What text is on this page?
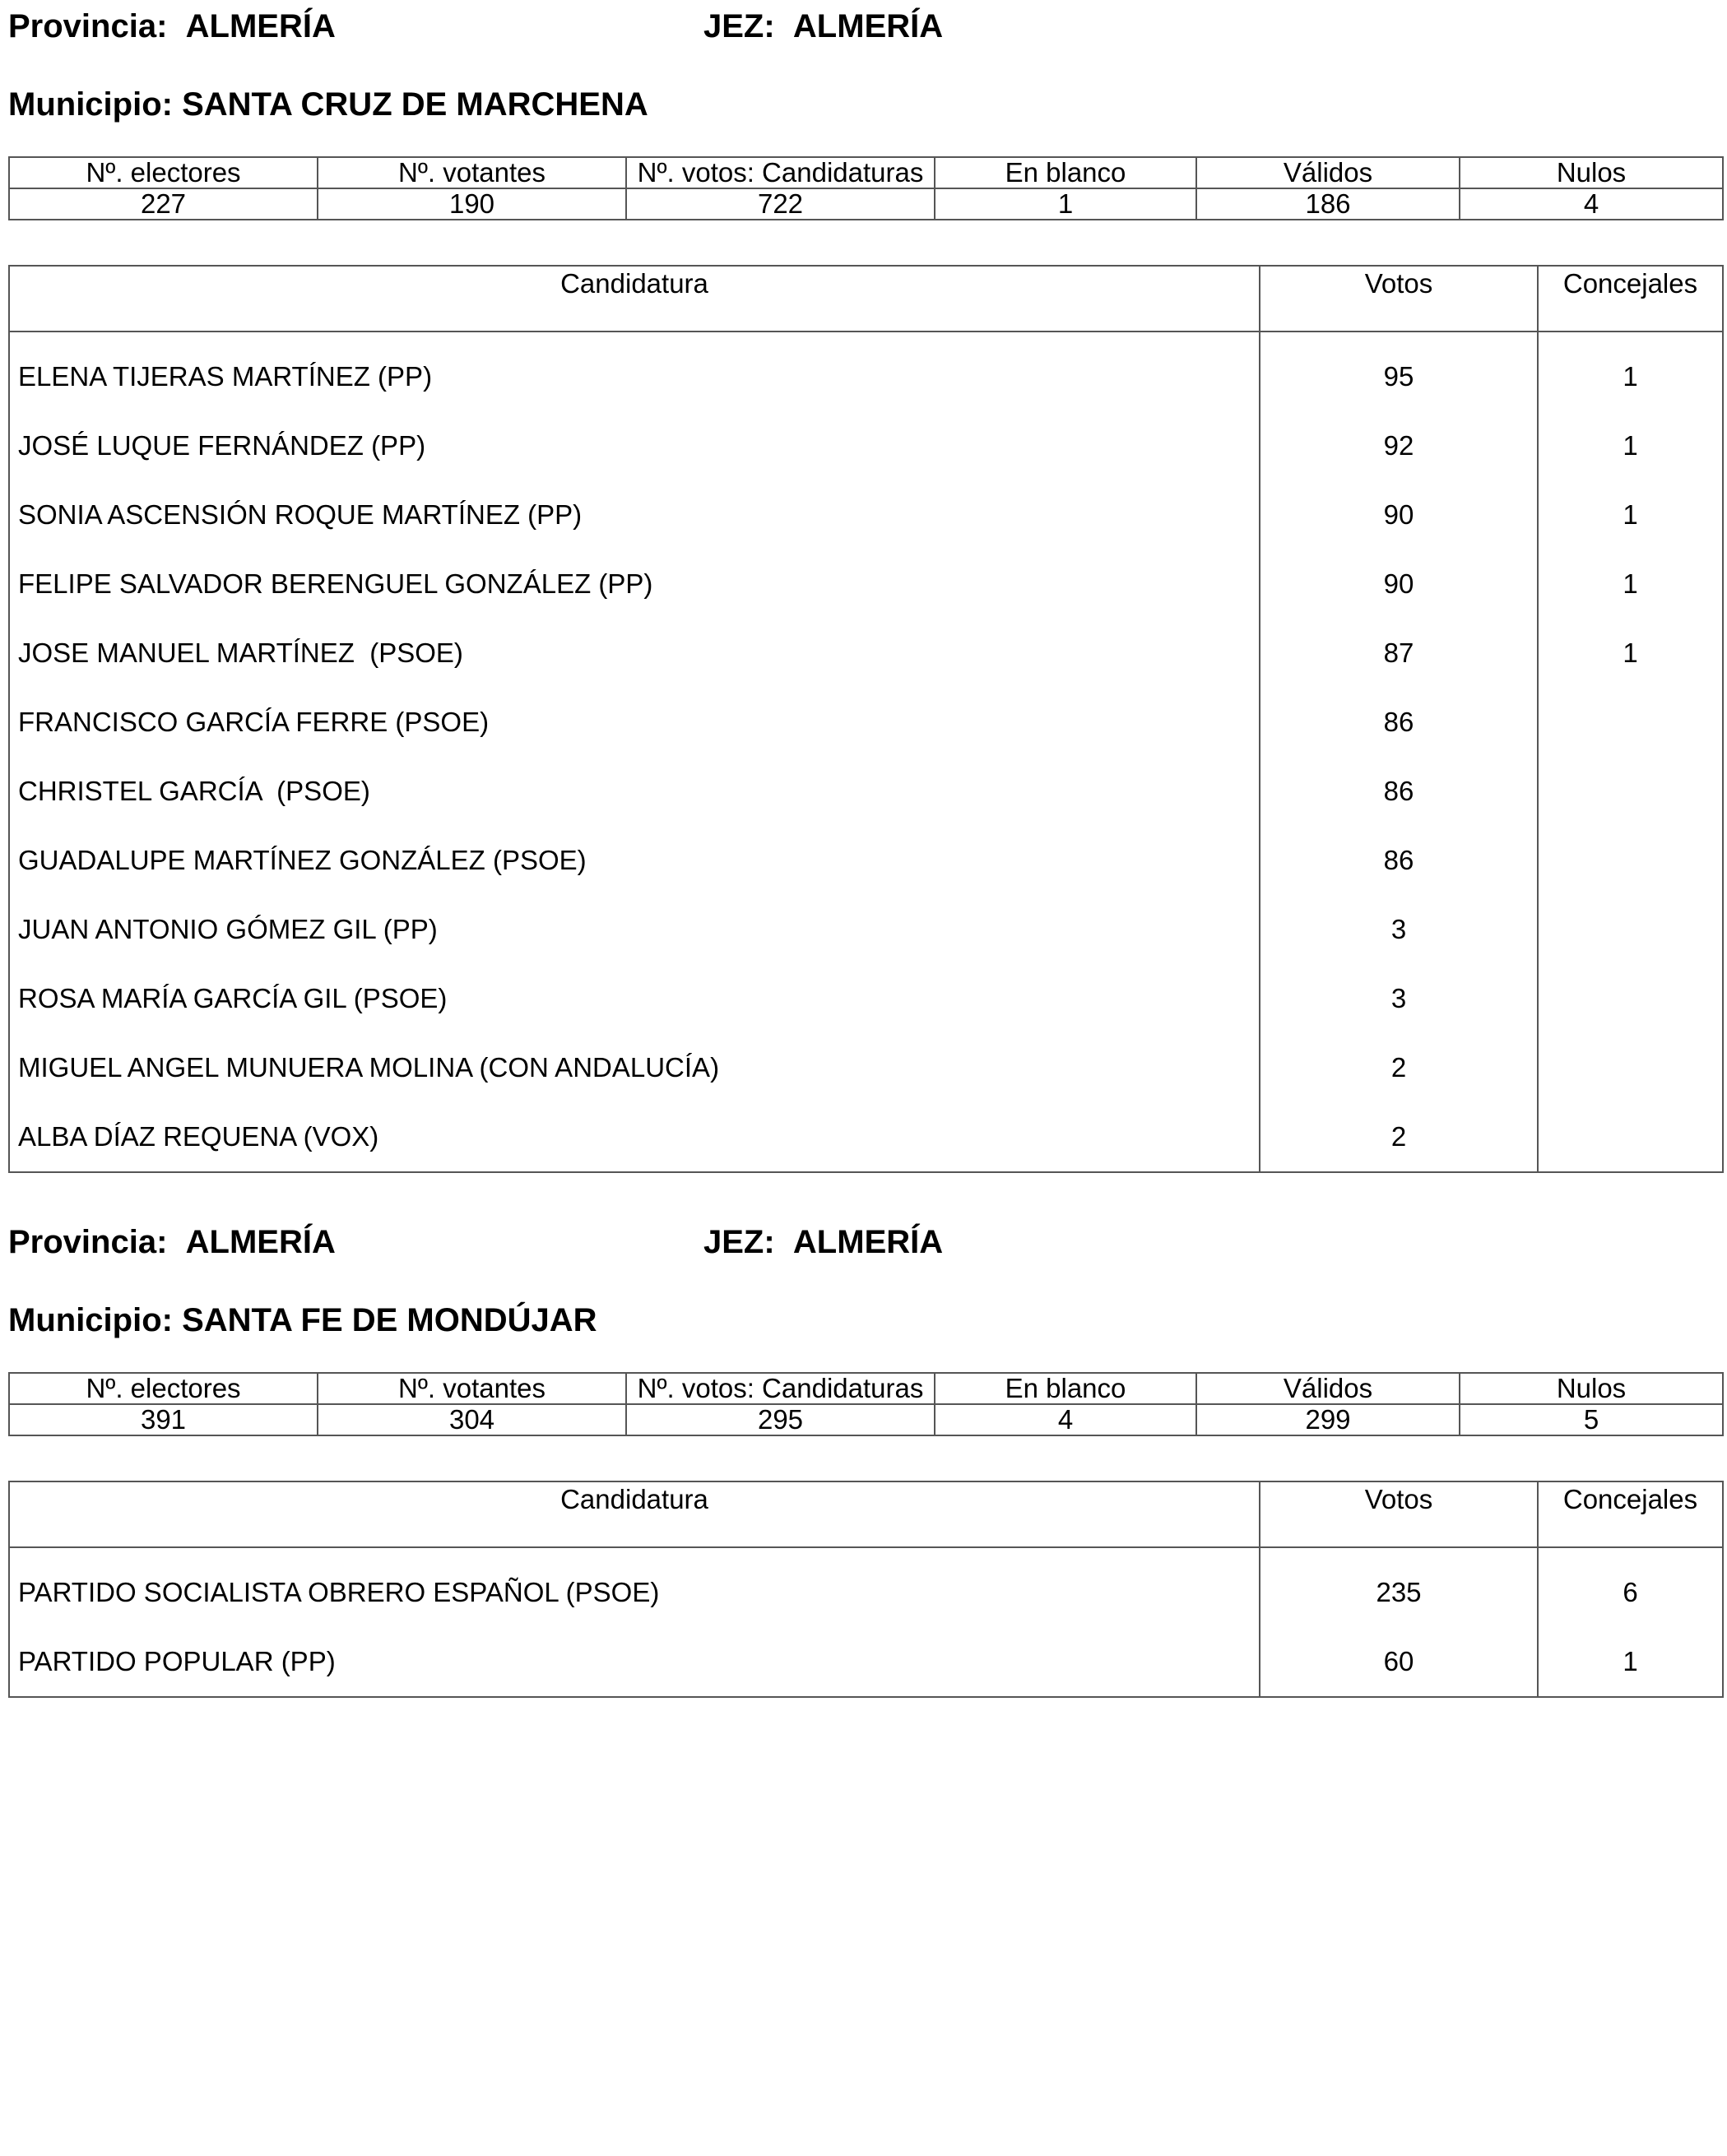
Provincia: ALMERÍA	JEZ: ALMERÍA
Municipio: SANTA CRUZ DE MARCHENA
Nº. electores	Nº. votantes	Nº. votos: Candidaturas	En blanco	Válidos	Nulos
227	190	722	1	186	4
Candidatura	Votos	Concejales
ELENA TIJERAS MARTÍNEZ (PP)	95	1
JOSÉ LUQUE FERNÁNDEZ (PP)	92	1
SONIA ASCENSIÓN ROQUE MARTÍNEZ (PP)	90	1
FELIPE SALVADOR BERENGUEL GONZÁLEZ (PP)	90	1
JOSE MANUEL MARTÍNEZ  (PSOE)	87	1
FRANCISCO GARCÍA FERRE (PSOE)	86	
CHRISTEL GARCÍA  (PSOE)	86	
GUADALUPE MARTÍNEZ GONZÁLEZ (PSOE)	86	
JUAN ANTONIO GÓMEZ GIL (PP)	3	
ROSA MARÍA GARCÍA GIL (PSOE)	3	
MIGUEL ANGEL MUNUERA MOLINA (CON ANDALUCÍA)	2	
ALBA DÍAZ REQUENA (VOX)	2	
Provincia: ALMERÍA	JEZ: ALMERÍA
Municipio: SANTA FE DE MONDÚJAR
Nº. electores	Nº. votantes	Nº. votos: Candidaturas	En blanco	Válidos	Nulos
391	304	295	4	299	5
Candidatura	Votos	Concejales
PARTIDO SOCIALISTA OBRERO ESPAÑOL (PSOE)	235	6
PARTIDO POPULAR (PP)	60	1
